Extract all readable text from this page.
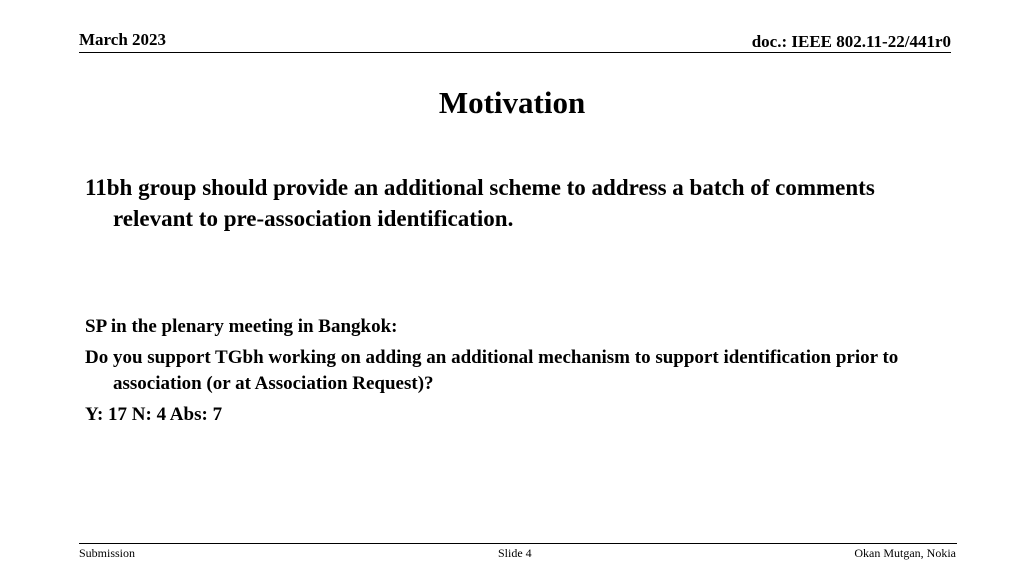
March 2023	doc.: IEEE 802.11-22/441r0
Motivation
11bh group should provide an additional scheme to address a batch of comments relevant to pre-association identification.
SP in the plenary meeting in Bangkok:
Do you support TGbh working on adding an additional mechanism to support identification prior to association (or at Association Request)?
Y: 17 N: 4 Abs: 7
Submission	Slide 4	Okan Mutgan, Nokia
